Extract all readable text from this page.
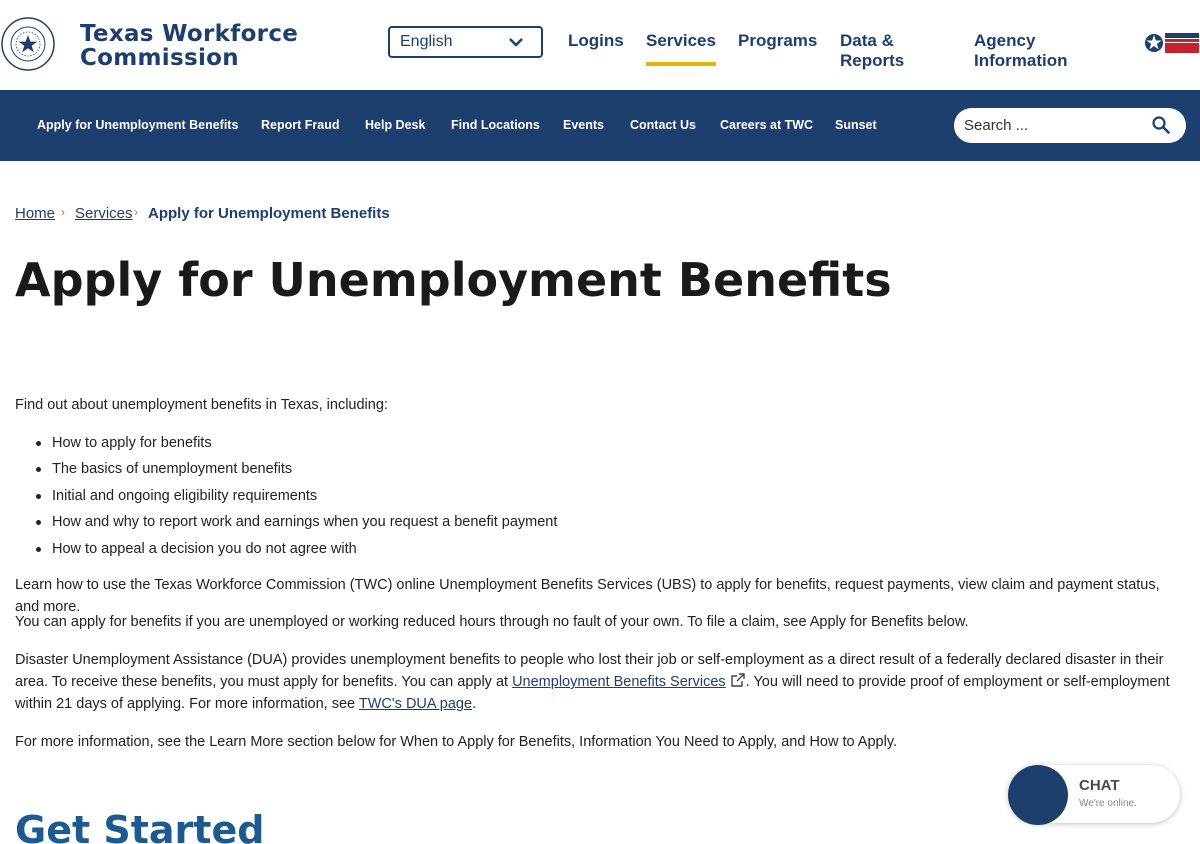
Texas Workforce
Commission
English	Logins Services Programs Data &
Reports
Agency
Information
Apply for Unemployment Benefits Report Fraud Help Desk Find Locations Events Contact Us Careers at TWC Sunset
Search ...
Home › Services › Apply for Unemployment Benefits
Apply for Unemployment Benefits

Find out about unemployment benefits in Texas, including:

How to apply for benefits
The basics of unemployment benefits
Initial and ongoing eligibility requirements
How and why to report work and earnings when you request a benefit payment
How to appeal a decision you do not agree with

Learn how to use the Texas Workforce Commission (TWC) online Unemployment Benefits Services (UBS) to apply for benefits, request payments, view claim and payment status, and more.

You can apply for benefits if you are unemployed or working reduced hours through no fault of your own. To file a claim, see Apply for Benefits below.

Disaster Unemployment Assistance (DUA) provides unemployment benefits to people who lost their job or self-employment as a direct result of a federally declared disaster in their area. To receive these benefits, you must apply for benefits. You can apply at Unemployment Benefits Services . You will need to provide proof of employment or self-employment within 21 days of applying. For more information, see TWC's DUA page.

For more information, see the Learn More section below for When to Apply for Benefits, Information You Need to Apply, and How to Apply.

Get Started
CHAT
We're online.
